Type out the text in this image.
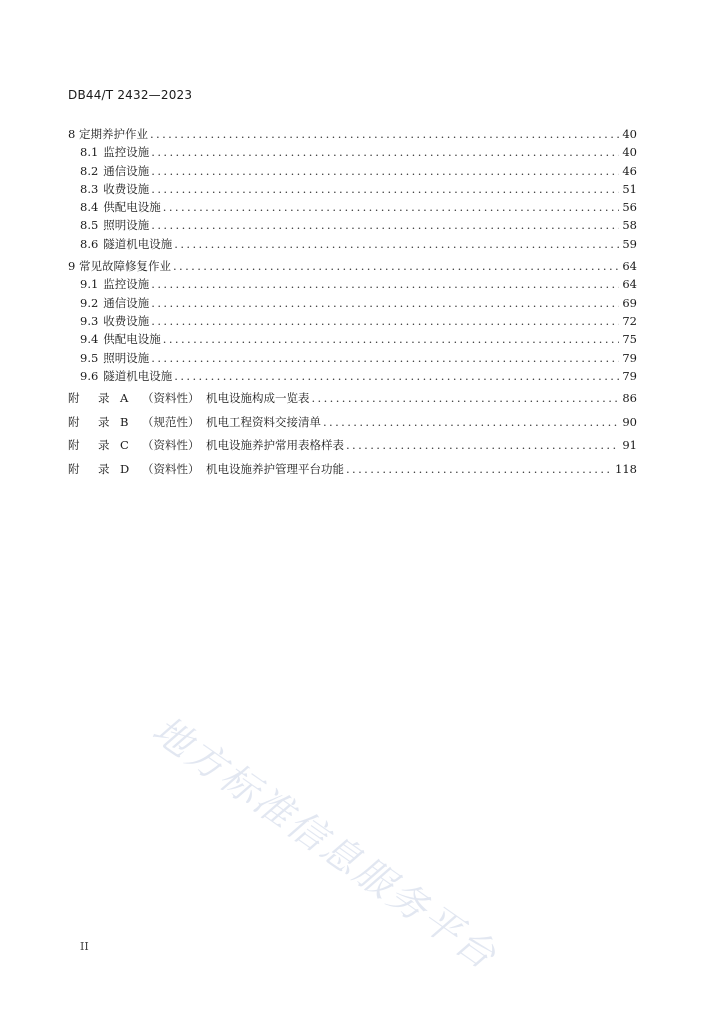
DB44/T 2432—2023
8 定期养护作业 .....	40
8.1 监控设施 .....	40
8.2 通信设施 .....	46
8.3 收费设施 .....	51
8.4 供配电设施 .....	56
8.5 照明设施 .....	58
8.6 隧道机电设施 .....	59
9 常见故障修复作业 .....	64
9.1 监控设施 .....	64
9.2 通信设施 .....	69
9.3 收费设施 .....	72
9.4 供配电设施 .....	75
9.5 照明设施 .....	79
9.6 隧道机电设施 .....	79
附	录 A	（资料性） 机电设施构成一览表 .....	86
附	录 B	（规范性） 机电工程资料交接清单 .....	90
附	录 C	（资料性） 机电设施养护常用表格样表 .....	91
附	录 D	（资料性） 机电设施养护管理平台功能 .....	118
地方标准信息服务平台
II
